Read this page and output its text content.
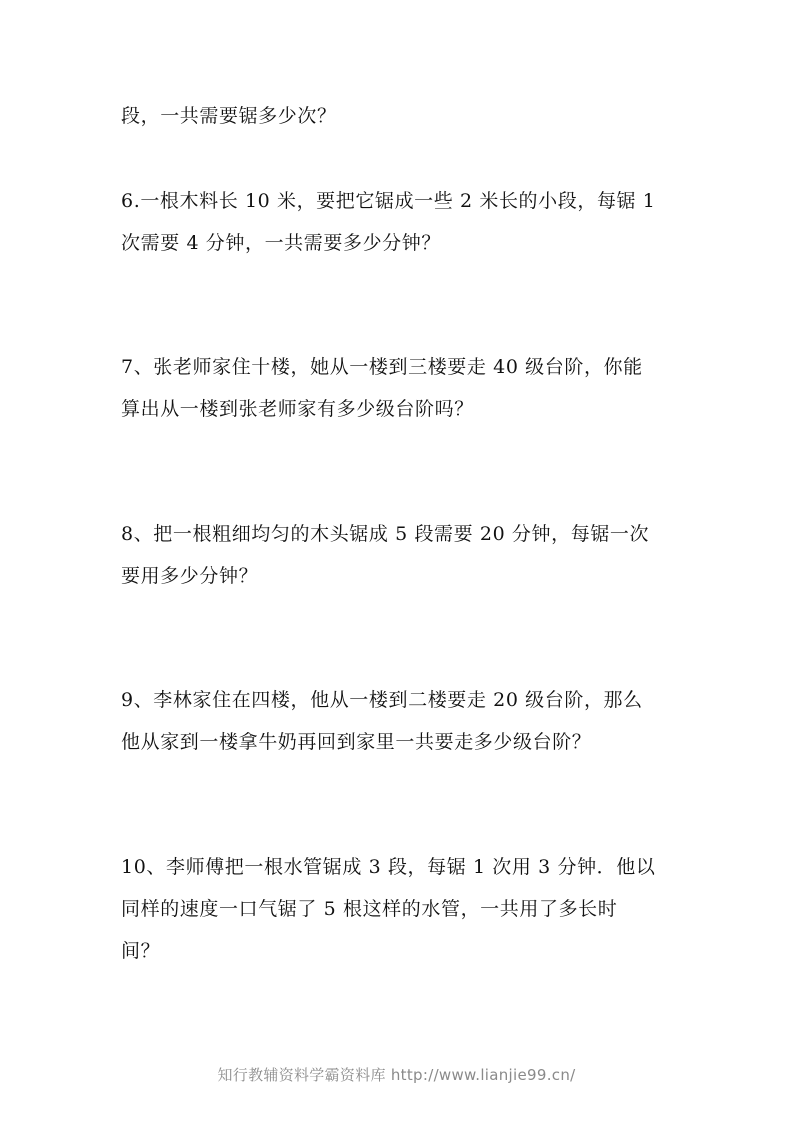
段，一共需要锯多少次？
6.一根木料长 10 米，要把它锯成一些 2 米长的小段，每锯 1
次需要 4 分钟，一共需要多少分钟？
7、张老师家住十楼，她从一楼到三楼要走 40 级台阶，你能
算出从一楼到张老师家有多少级台阶吗？
8、把一根粗细均匀的木头锯成 5 段需要 20 分钟，每锯一次
要用多少分钟？
9、李林家住在四楼，他从一楼到二楼要走 20 级台阶，那么
他从家到一楼拿牛奶再回到家里一共要走多少级台阶？
10、李师傅把一根水管锯成 3 段，每锯 1 次用 3 分钟．他以
同样的速度一口气锯了 5 根这样的水管，一共用了多长时
间？
知行教辅资料学霸资料库 http://www.lianjie99.cn/
